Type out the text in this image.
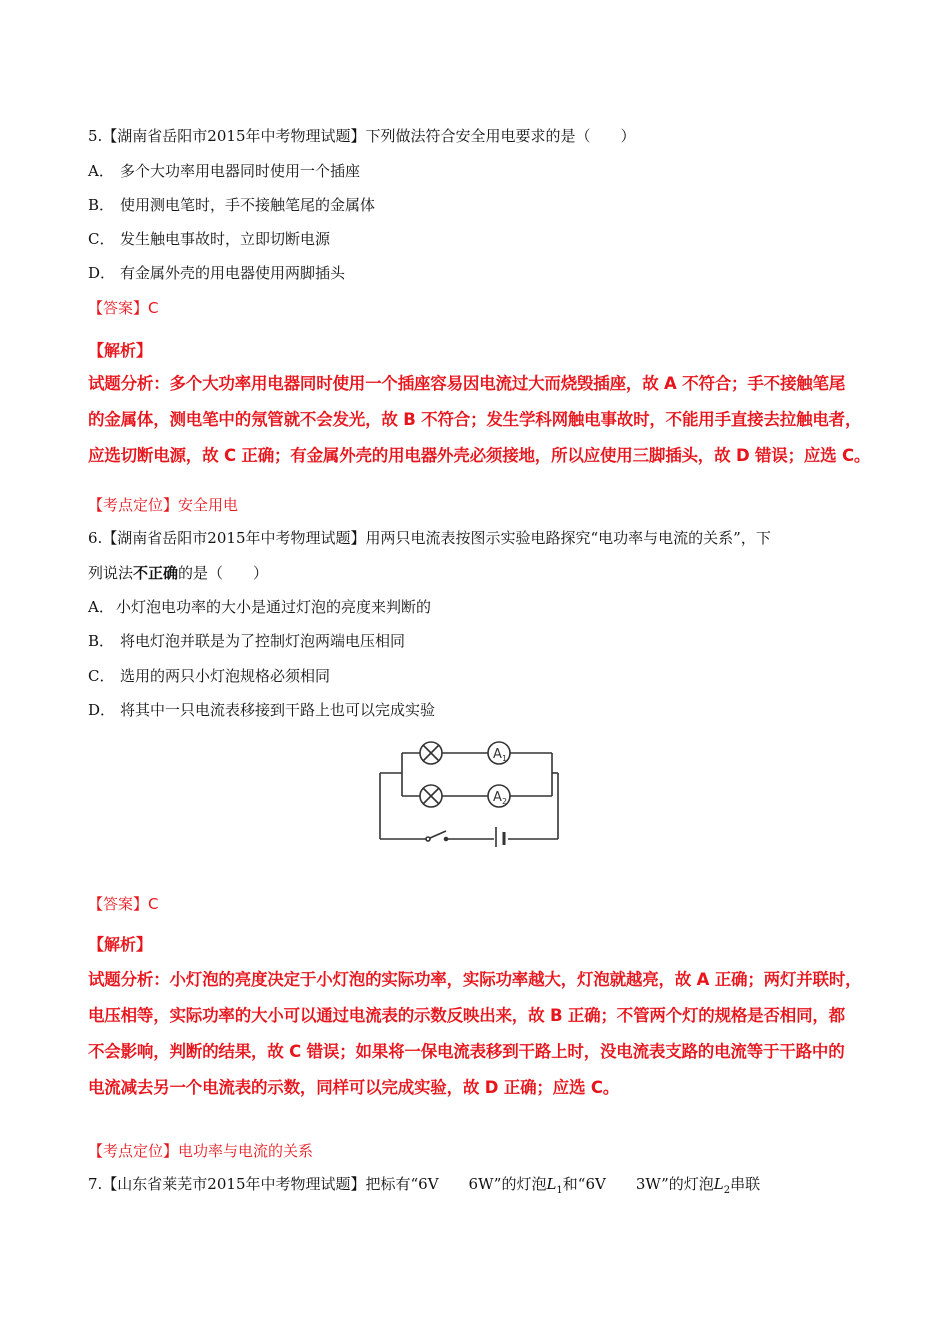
5.【湖南省岳阳市2015年中考物理试题】下列做法符合安全用电要求的是（　　）
A． 多个大功率用电器同时使用一个插座
B． 使用测电笔时，手不接触笔尾的金属体
C． 发生触电事故时，立即切断电源
D． 有金属外壳的用电器使用两脚插头
【答案】C
【解析】
试题分析：多个大功率用电器同时使用一个插座容易因电流过大而烧毁插座，故 A 不符合；手不接触笔尾
的金属体，测电笔中的氖管就不会发光，故 B 不符合；发生学科网触电事故时，不能用手直接去拉触电者，
应选切断电源，故 C 正确；有金属外壳的用电器外壳必须接地，所以应使用三脚插头，故 D 错误；应选 C。
【考点定位】安全用电
6.【湖南省岳阳市2015年中考物理试题】用两只电流表按图示实验电路探究“电功率与电流的关系”，下
列说法不正确的是（　　）
A． 小灯泡电功率的大小是通过灯泡的亮度来判断的
B． 将电灯泡并联是为了控制灯泡两端电压相同
C． 选用的两只小灯泡规格必须相同
D． 将其中一只电流表移接到干路上也可以完成实验
A 1
A 2
【答案】C
【解析】
试题分析：小灯泡的亮度决定于小灯泡的实际功率，实际功率越大，灯泡就越亮，故 A 正确；两灯并联时，
电压相等，实际功率的大小可以通过电流表的示数反映出来，故 B 正确；不管两个灯的规格是否相同，都
不会影响，判断的结果，故 C 错误；如果将一保电流表移到干路上时，没电流表支路的电流等于干路中的
电流减去另一个电流表的示数，同样可以完成实验，故 D 正确；应选 C。
【考点定位】电功率与电流的关系
7.【山东省莱芜市2015年中考物理试题】把标有“6V　　6W”的灯泡$L_1$和“6V　　3W”的灯泡$L_2$串联
